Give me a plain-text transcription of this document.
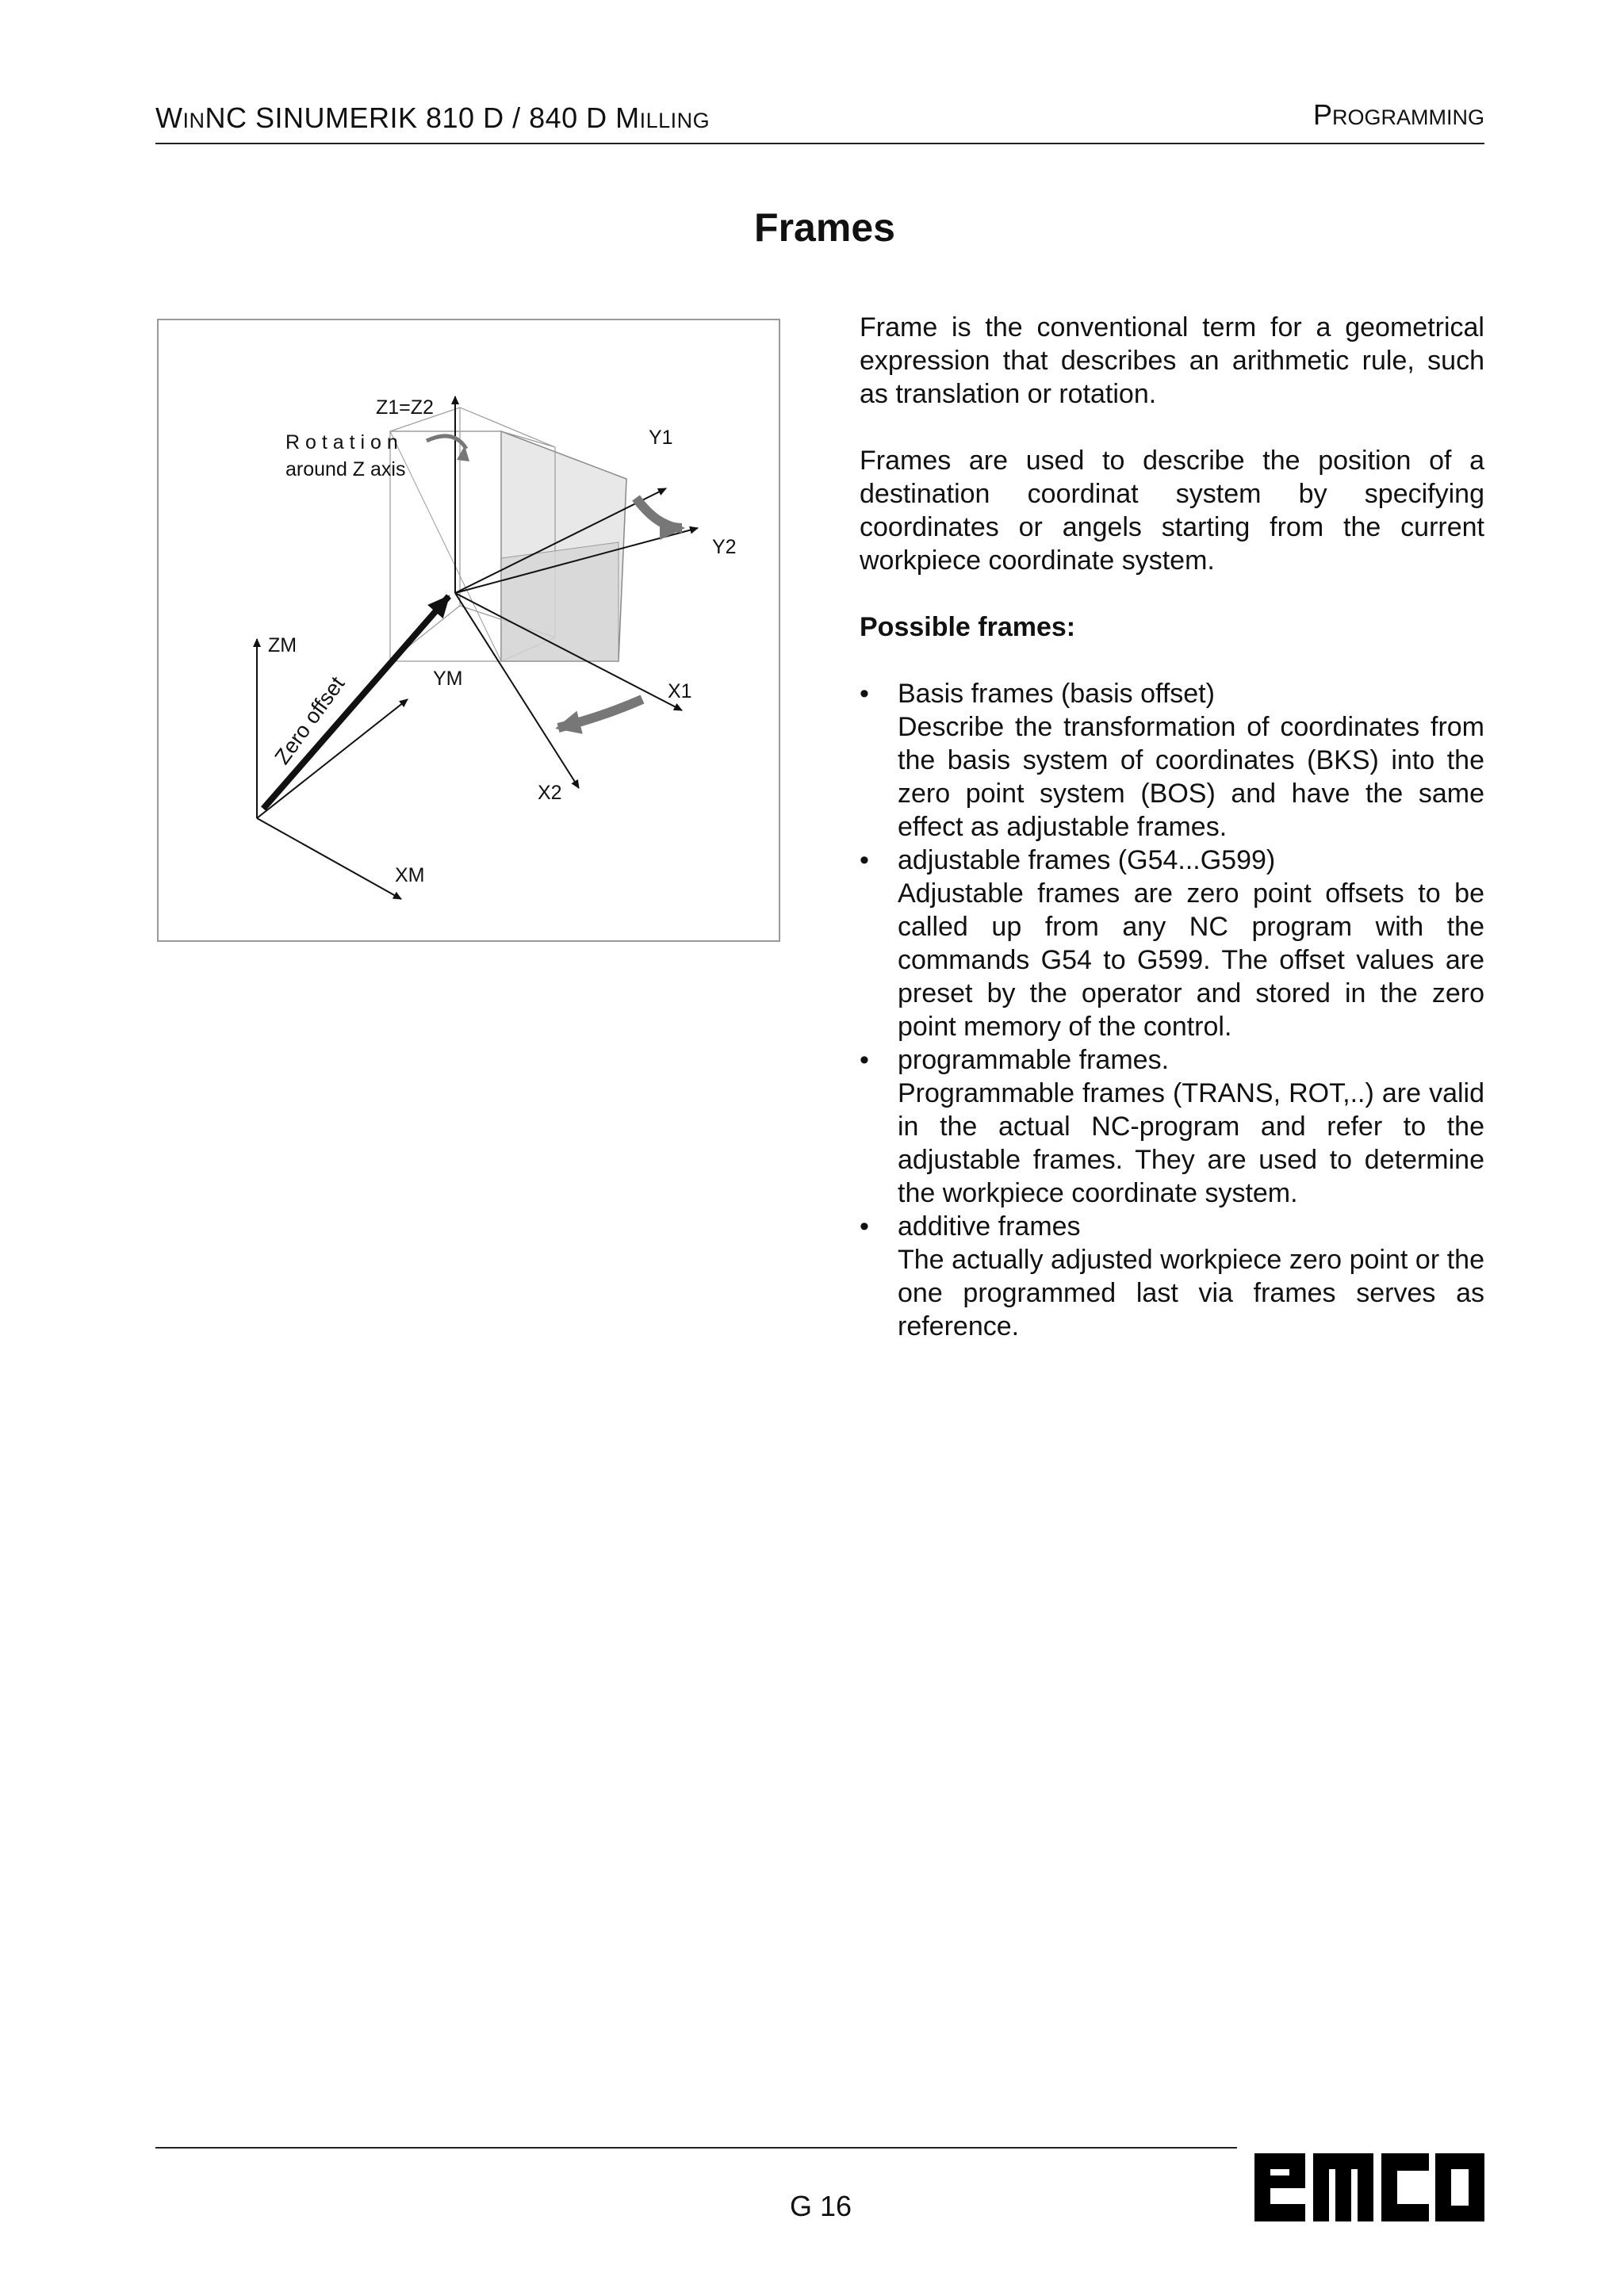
WINNC SINUMERIK 810 D / 840 D MILLING	PROGRAMMING
Frames
Z1=Z2
R o t a t i o n
around Z axis
Y1
Y2
ZM
YM
X1
X2
XM
Zero offset

Frame is the conventional term for a geometrical expression that describes an arithmetic rule, such as translation or rotation.

Frames are used to describe the position of a destination coordinat system by specifying coordinates or angels starting from the current workpiece coordinate system.

Possible frames:
• Basis frames (basis offset)
Describe the transformation of coordinates from the basis system of coordinates (BKS) into the zero point system (BOS) and have the same effect as adjustable frames.
• adjustable frames (G54...G599)
Adjustable frames are zero point offsets to be called up from any NC program with the commands G54 to G599. The offset values are preset by the operator and stored in the zero point memory of the control.
• programmable frames.
Programmable frames (TRANS, ROT,..) are valid in the actual NC-program and refer to the adjustable frames. They are used to determine the workpiece coordinate system.
• additive frames
The actually adjusted workpiece zero point or the one programmed last via frames serves as reference.
G 16
